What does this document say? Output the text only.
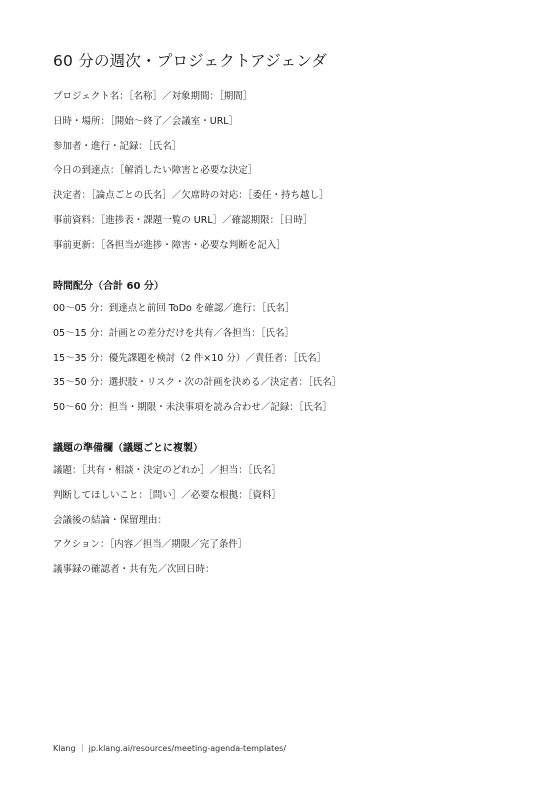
60 分の週次・プロジェクトアジェンダ
プロジェクト名：［名称］／対象期間：［期間］
日時・場所：［開始〜終了／会議室・URL］
参加者・進行・記録：［氏名］
今日の到達点：［解消したい障害と必要な決定］
決定者：［論点ごとの氏名］／欠席時の対応：［委任・持ち越し］
事前資料：［進捗表・課題一覧の URL］／確認期限：［日時］
事前更新：［各担当が進捗・障害・必要な判断を記入］
時間配分（合計 60 分）
00〜05 分：到達点と前回 ToDo を確認／進行：［氏名］
05〜15 分：計画との差分だけを共有／各担当：［氏名］
15〜35 分：優先課題を検討（2 件×10 分）／責任者：［氏名］
35〜50 分：選択肢・リスク・次の計画を決める／決定者：［氏名］
50〜60 分：担当・期限・未決事項を読み合わせ／記録：［氏名］
議題の準備欄（議題ごとに複製）
議題：［共有・相談・決定のどれか］／担当：［氏名］
判断してほしいこと：［問い］／必要な根拠：［資料］
会議後の結論・保留理由：
アクション：［内容／担当／期限／完了条件］
議事録の確認者・共有先／次回日時：
Klang ｜ jp.klang.ai/resources/meeting-agenda-templates/
